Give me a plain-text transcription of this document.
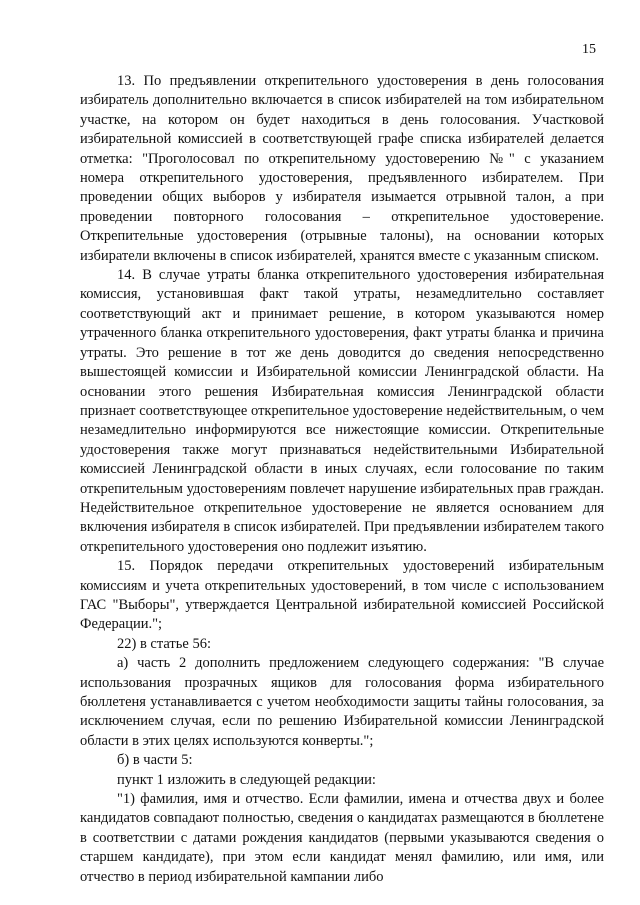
15

13. По предъявлении открепительного удостоверения в день голосования избиратель дополнительно включается в список избирателей на том избирательном участке, на котором он будет находиться в день голосования. Участковой избирательной комиссией в соответствующей графе списка избирателей делается отметка: "Проголосовал по открепительному удостоверению №" с указанием номера открепительного удостоверения, предъявленного избирателем. При проведении общих выборов у избирателя изымается отрывной талон, а при проведении повторного голосования – открепительное удостоверение. Открепительные удостоверения (отрывные талоны), на основании которых избиратели включены в список избирателей, хранятся вместе с указанным списком.

14. В случае утраты бланка открепительного удостоверения избирательная комиссия, установившая факт такой утраты, незамедлительно составляет соответствующий акт и принимает решение, в котором указываются номер утраченного бланка открепительного удостоверения, факт утраты бланка и причина утраты. Это решение в тот же день доводится до сведения непосредственно вышестоящей комиссии и Избирательной комиссии Ленинградской области. На основании этого решения Избирательная комиссия Ленинградской области признает соответствующее открепительное удостоверение недействительным, о чем незамедлительно информируются все нижестоящие комиссии. Открепительные удостоверения также могут признаваться недействительными Избирательной комиссией Ленинградской области в иных случаях, если голосование по таким открепительным удостоверениям повлечет нарушение избирательных прав граждан. Недействительное открепительное удостоверение не является основанием для включения избирателя в список избирателей. При предъявлении избирателем такого открепительного удостоверения оно подлежит изъятию.

15. Порядок передачи открепительных удостоверений избирательным комиссиям и учета открепительных удостоверений, в том числе с использованием ГАС "Выборы", утверждается Центральной избирательной комиссией Российской Федерации.";

22) в статье 56:

а) часть 2 дополнить предложением следующего содержания: "В случае использования прозрачных ящиков для голосования форма избирательного бюллетеня устанавливается с учетом необходимости защиты тайны голосования, за исключением случая, если по решению Избирательной комиссии Ленинградской области в этих целях используются конверты.";

б) в части 5:

пункт 1 изложить в следующей редакции:

"1) фамилия, имя и отчество. Если фамилии, имена и отчества двух и более кандидатов совпадают полностью, сведения о кандидатах размещаются в бюллетене в соответствии с датами рождения кандидатов (первыми указываются сведения о старшем кандидате), при этом если кандидат менял фамилию, или имя, или отчество в период избирательной кампании либо
